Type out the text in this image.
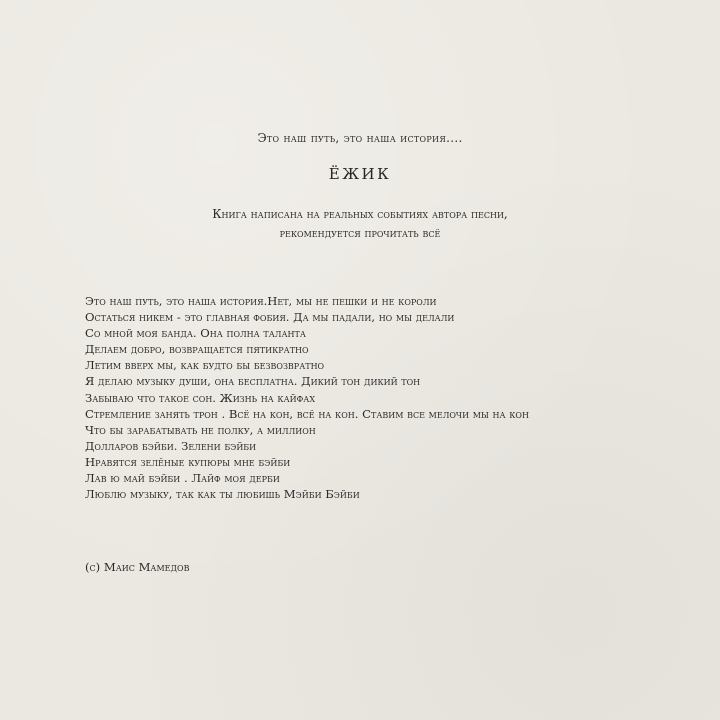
Это наш путь, это наша история....
ЁЖИК
Книга написана на реальных событиях автора песни,
рекомендуется прочитать всё
Это наш путь, это наша история.Нет, мы не пешки и не короли
Остаться никем - это главная фобия. Да мы падали, но мы делали
Со мной моя банда. Она полна таланта
Делаем добро, возвращается пятикратно
Летим вверх мы, как будто бы безвозвратно
Я делаю музыку души, она бесплатна. Дикий тон дикий тон
Забываю что такое сон. Жизнь на кайфах
Стремление занять трон . Всё на кон, всё на кон. Ставим все мелочи мы на кон
Что бы зарабатывать не полку, а миллион
Долларов бэйби. Зелени бэйби
Нравятся зелёные купюры мне бэйби
Лав ю май бэйби . Лайф моя дерби
Люблю музыку, так как ты любишь Мэйби Бэйби
(с) Маис Мамедов
